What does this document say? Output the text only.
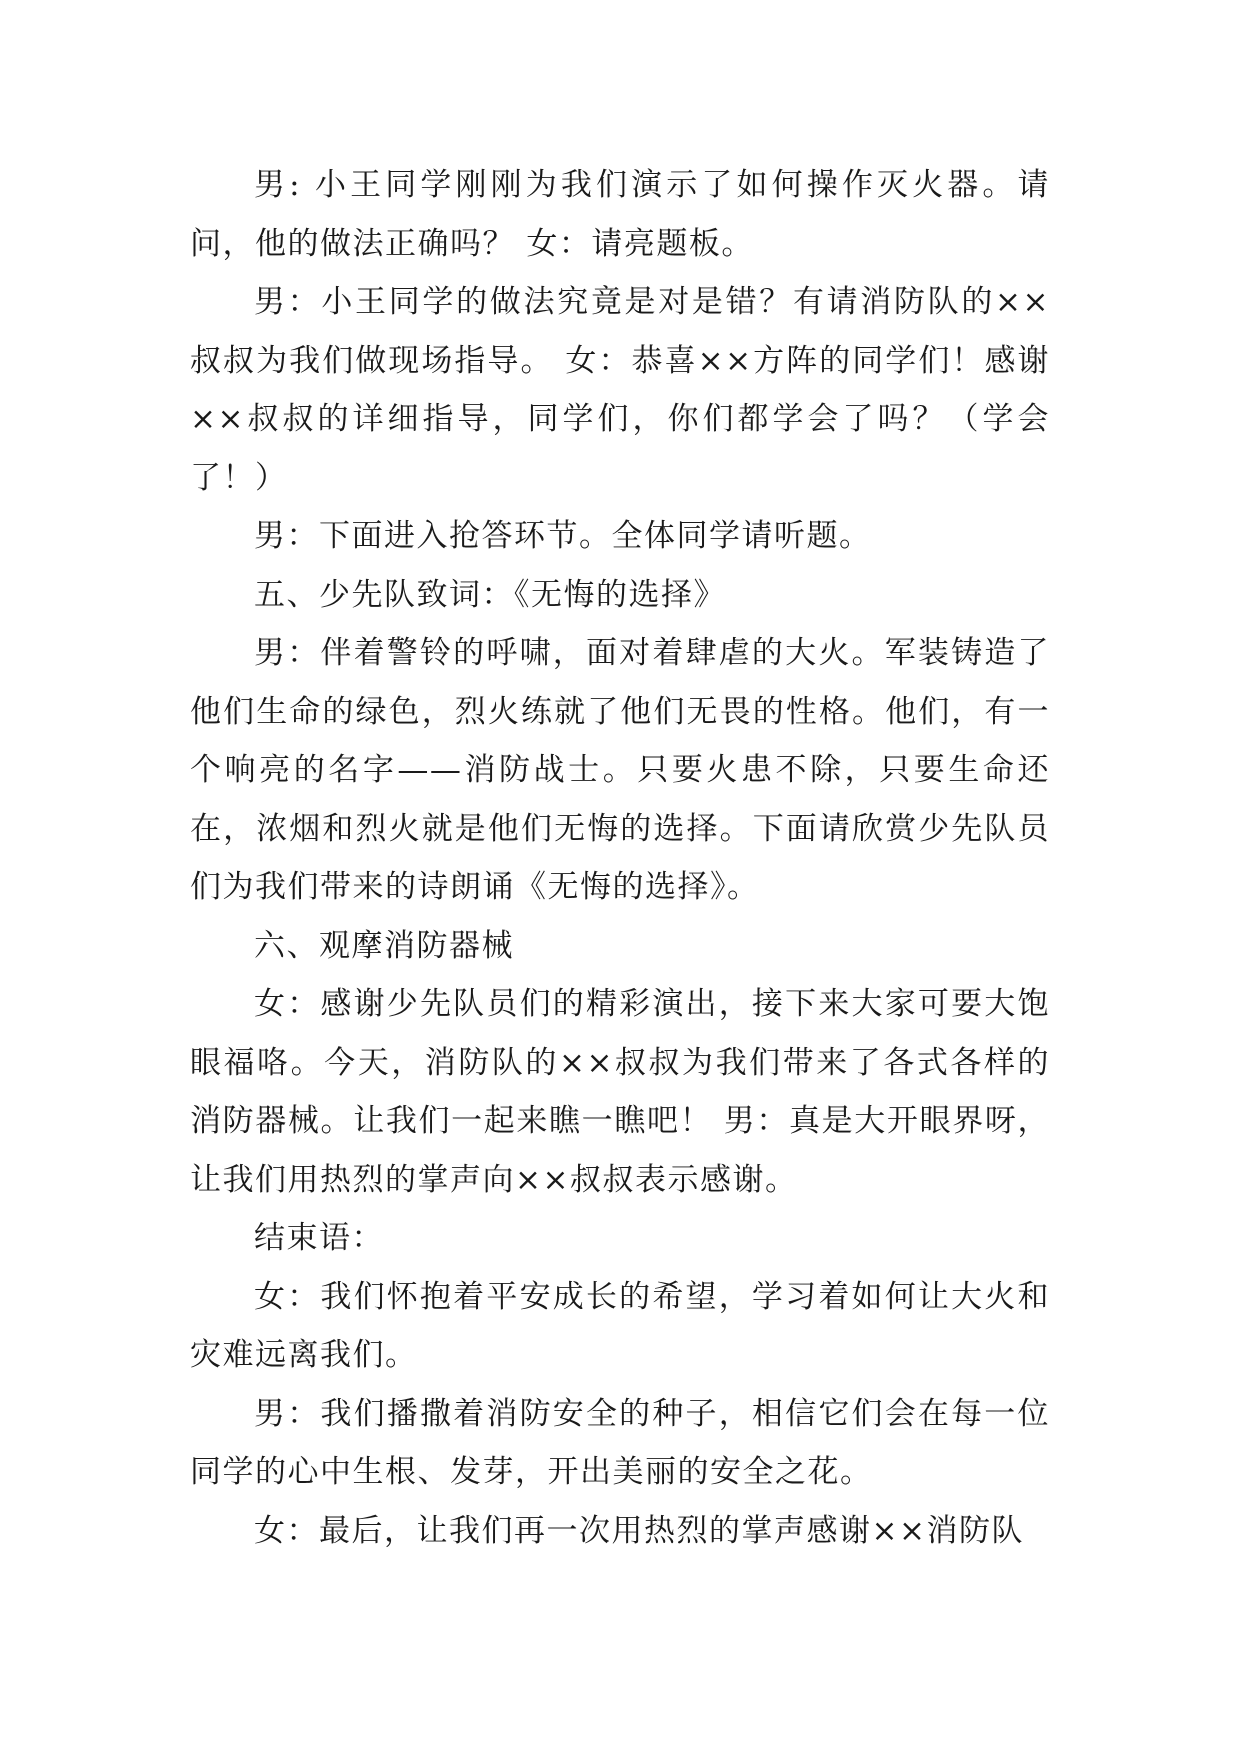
男: 小王同学刚刚为我们演示了如何操作灭火器。请问，他的做法正确吗？ 女：请亮题板。

男：小王同学的做法究竟是对是错？有请消防队的××叔叔为我们做现场指导。 女：恭喜××方阵的同学们！感谢××叔叔的详细指导，同学们，你们都学会了吗？（学会了！）

男：下面进入抢答环节。全体同学请听题。

五、少先队致词：《无悔的选择》

男：伴着警铃的呼啸，面对着肆虐的大火。军装铸造了他们生命的绿色，烈火练就了他们无畏的性格。他们，有一个响亮的名字——消防战士。只要火患不除，只要生命还在，浓烟和烈火就是他们无悔的选择。下面请欣赏少先队员们为我们带来的诗朗诵《无悔的选择》。

六、观摩消防器械

女：感谢少先队员们的精彩演出，接下来大家可要大饱眼福咯。今天，消防队的××叔叔为我们带来了各式各样的消防器械。让我们一起来瞧一瞧吧！ 男：真是大开眼界呀，让我们用热烈的掌声向××叔叔表示感谢。

结束语：

女：我们怀抱着平安成长的希望，学习着如何让大火和灾难远离我们。

男：我们播撒着消防安全的种子，相信它们会在每一位同学的心中生根、发芽，开出美丽的安全之花。

女：最后，让我们再一次用热烈的掌声感谢××消防队
